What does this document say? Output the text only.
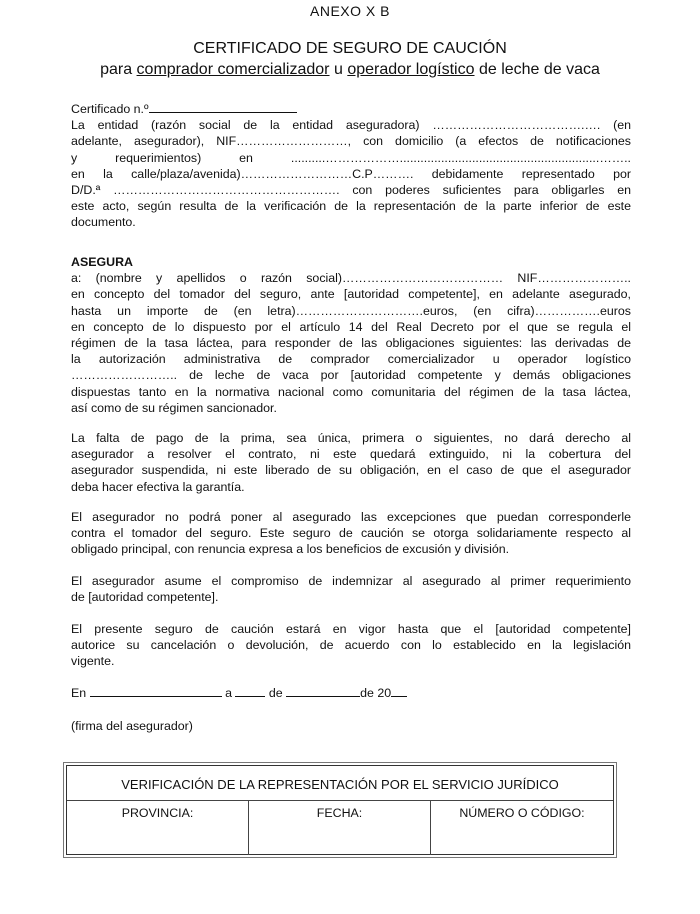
ANEXO X B
CERTIFICADO DE SEGURO DE CAUCIÓN
para comprador comercializador u operador logístico de leche de vaca
Certificado n.º
La entidad (razón social de la entidad aseguradora) ……………………………….…. (en
adelante, asegurador), NIF………………………, con domicilio (a efectos de notificaciones
y requerimientos) en ..........………………..........................................................……..
en la calle/plaza/avenida)………………………C.P………. debidamente representado por
D/D.ª ………………………………………………. con poderes suficientes para obligarles en
este acto, según resulta de la verificación de la representación de la parte inferior de este
documento.
ASEGURA
a: (nombre y apellidos o razón social)………………………………… NIF…………………..
en concepto del tomador del seguro, ante [autoridad competente], en adelante asegurado,
hasta un importe de (en letra)………………………….euros, (en cifra)…………….euros
en concepto de lo dispuesto por el artículo 14 del Real Decreto por el que se regula el
régimen de la tasa láctea, para responder de las obligaciones siguientes: las derivadas de
la autorización administrativa de comprador comercializador u operador logístico
…………………….. de leche de vaca por [autoridad competente y demás obligaciones
dispuestas tanto en la normativa nacional como comunitaria del régimen de la tasa láctea,
así como de su régimen sancionador.
La falta de pago de la prima, sea única, primera o siguientes, no dará derecho al
asegurador a resolver el contrato, ni este quedará extinguido, ni la cobertura del
asegurador suspendida, ni este liberado de su obligación, en el caso de que el asegurador
deba hacer efectiva la garantía.
El asegurador no podrá poner al asegurado las excepciones que puedan corresponderle
contra el tomador del seguro. Este seguro de caución se otorga solidariamente respecto al
obligado principal, con renuncia expresa a los beneficios de excusión y división.
El asegurador asume el compromiso de indemnizar al asegurado al primer requerimiento
de [autoridad competente].
El presente seguro de caución estará en vigor hasta que el [autoridad competente]
autorice su cancelación o devolución, de acuerdo con lo establecido en la legislación
vigente.
En	a	de	de 20
(firma del asegurador)
VERIFICACIÓN DE LA REPRESENTACIÓN POR EL SERVICIO JURÍDICO
PROVINCIA:	FECHA:	NÚMERO O CÓDIGO:
